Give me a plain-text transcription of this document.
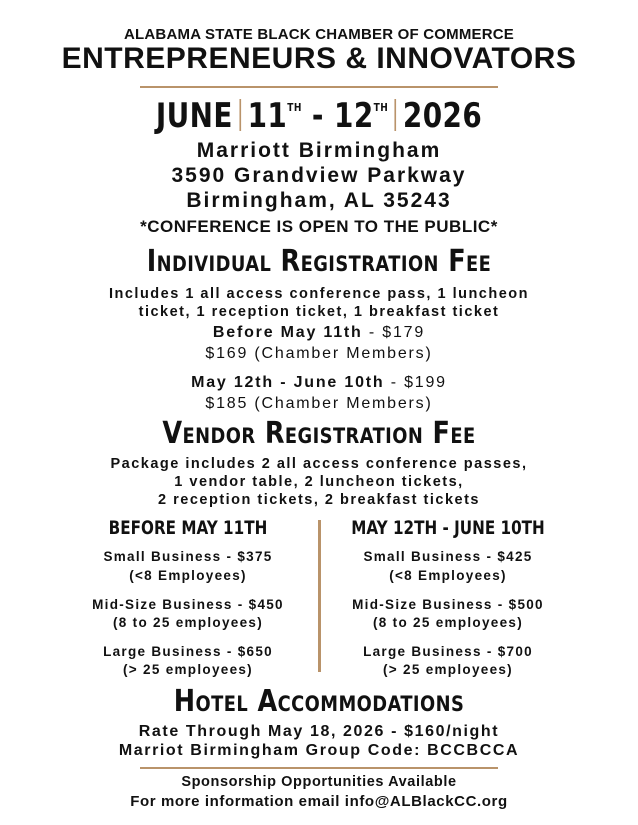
ALABAMA STATE BLACK CHAMBER OF COMMERCE
ENTREPRENEURS & INNOVATORS
JUNE 11TH - 12TH 2026
Marriott Birmingham
3590 Grandview Parkway
Birmingham, AL 35243
*CONFERENCE IS OPEN TO THE PUBLIC*
Individual Registration Fee
Includes 1 all access conference pass, 1 luncheon
ticket, 1 reception ticket, 1 breakfast ticket
Before May 11th - $179
$169 (Chamber Members)
May 12th - June 10th - $199
$185 (Chamber Members)
Vendor Registration Fee
Package includes 2 all access conference passes,
1 vendor table, 2 luncheon tickets,
2 reception tickets, 2 breakfast tickets
BEFORE MAY 11TH
Small Business - $375
(<8 Employees)
Mid-Size Business - $450
(8 to 25 employees)
Large Business - $650
(> 25 employees)
MAY 12TH - JUNE 10TH
Small Business - $425
(<8 Employees)
Mid-Size Business - $500
(8 to 25 employees)
Large Business - $700
(> 25 employees)
Hotel Accommodations
Rate Through May 18, 2026 - $160/night
Marriot Birmingham Group Code: BCCBCCA
Sponsorship Opportunities Available
For more information email info@ALBlackCC.org
